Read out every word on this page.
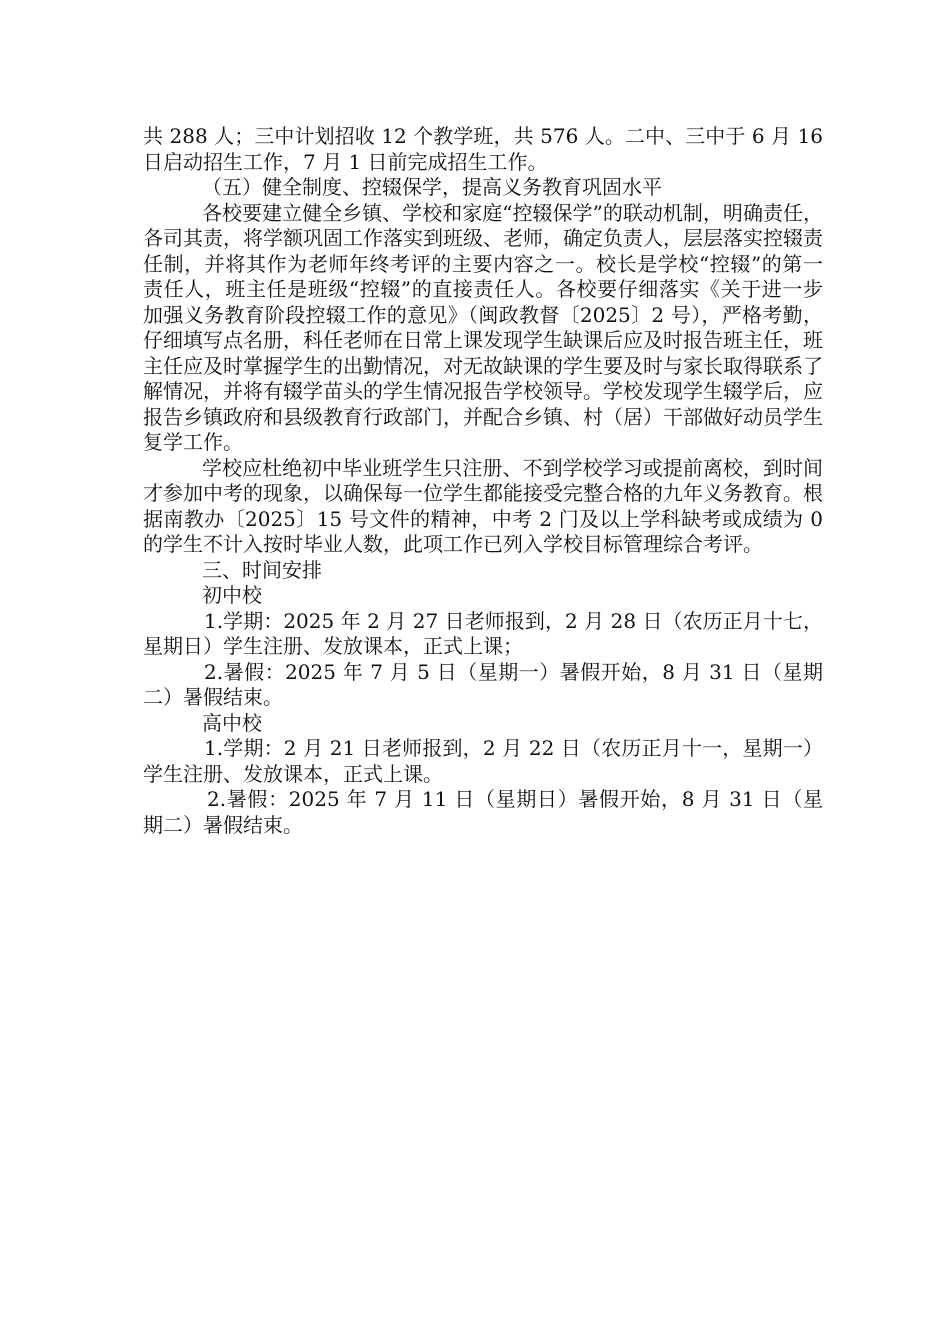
共 288 人；三中计划招收 12 个教学班，共 576 人。二中、三中于 6 月 16 日启动招生工作，7 月 1 日前完成招生工作。

（五）健全制度、控辍保学，提高义务教育巩固水平

各校要建立健全乡镇、学校和家庭“控辍保学”的联动机制，明确责任，各司其责，将学额巩固工作落实到班级、老师，确定负责人，层层落实控辍责任制，并将其作为老师年终考评的主要内容之一。校长是学校“控辍”的第一责任人，班主任是班级“控辍”的直接责任人。各校要仔细落实《关于进一步加强义务教育阶段控辍工作的意见》（闽政教督〔2025〕2 号），严格考勤，仔细填写点名册，科任老师在日常上课发现学生缺课后应及时报告班主任，班主任应及时掌握学生的出勤情况，对无故缺课的学生要及时与家长取得联系了解情况，并将有辍学苗头的学生情况报告学校领导。学校发现学生辍学后，应报告乡镇政府和县级教育行政部门，并配合乡镇、村（居）干部做好动员学生复学工作。

学校应杜绝初中毕业班学生只注册、不到学校学习或提前离校，到时间才参加中考的现象，以确保每一位学生都能接受完整合格的九年义务教育。根据南教办〔2025〕15 号文件的精神，中考 2 门及以上学科缺考或成绩为 0 的学生不计入按时毕业人数，此项工作已列入学校目标管理综合考评。

三、时间安排

初中校

1.学期：2025 年 2 月 27 日老师报到，2 月 28 日（农历正月十七，星期日）学生注册、发放课本，正式上课；

2.暑假：2025 年 7 月 5 日（星期一）暑假开始，8 月 31 日（星期二）暑假结束。

高中校

1.学期：2 月 21 日老师报到，2 月 22 日（农历正月十一，星期一）学生注册、发放课本，正式上课。

2.暑假：2025 年 7 月 11 日（星期日）暑假开始，8 月 31 日（星期二）暑假结束。
